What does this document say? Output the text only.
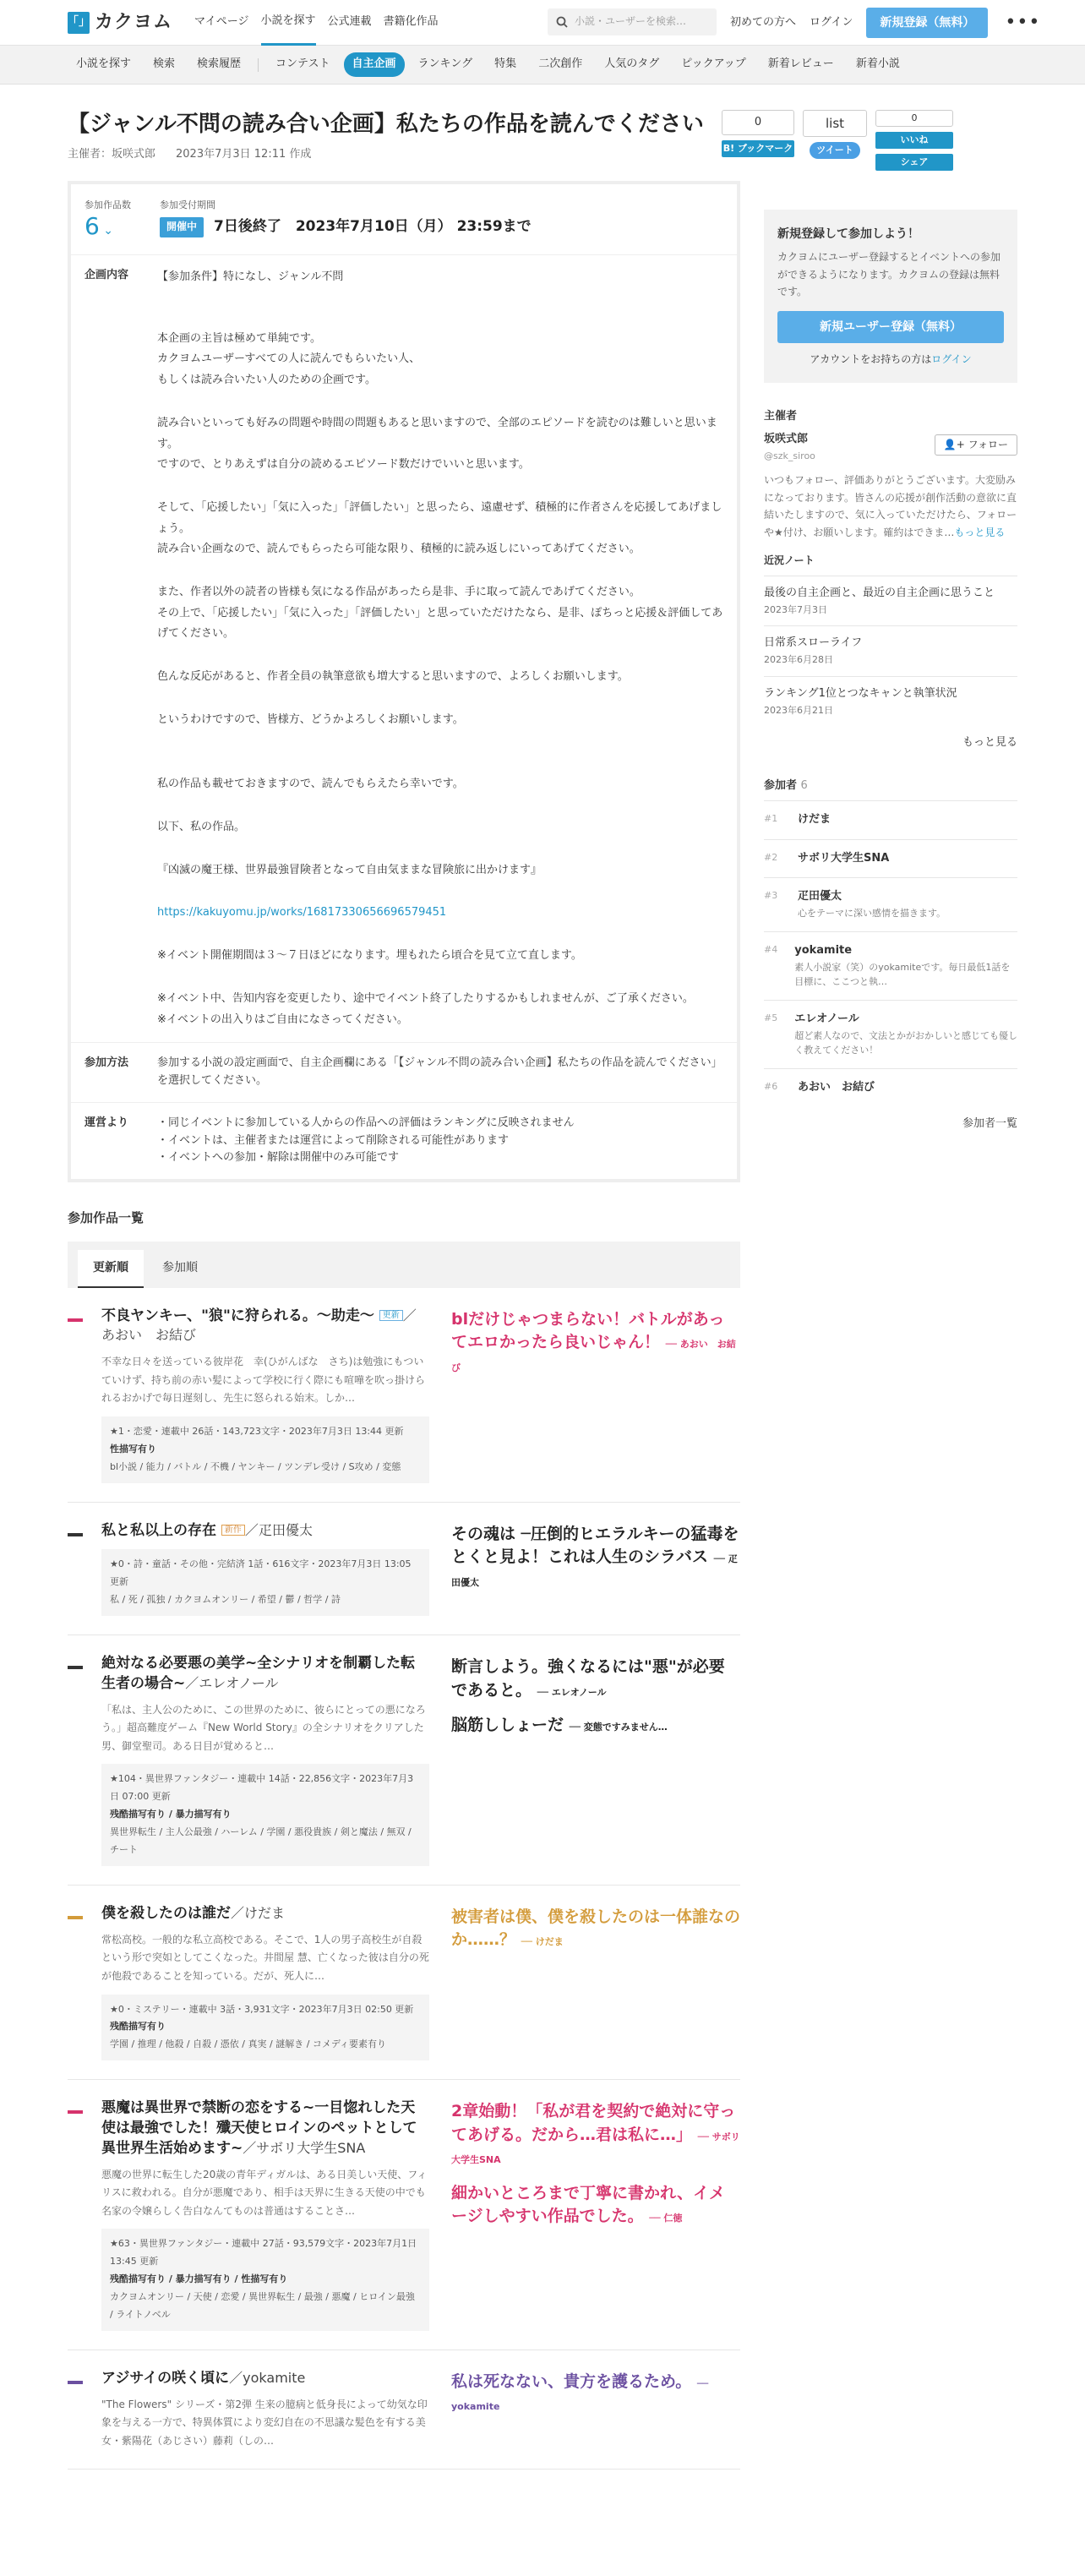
「」 カクヨム マイページ 小説を探す 公式連載 書籍化作品	小説・ユーザーを検索…	初めての方へ ログイン	新規登録（無料）	•••
小説を探す	検索	検索履歴	コンテスト	自主企画	ランキング	特集	二次創作	人気のタグ	ピックアップ	新着レビュー	新着小説
0
B! ブックマーク
list
ツイート
0
いいね
シェア
【ジャンル不問の読み合い企画】私たちの作品を読んでください
主催者：坂咲式郎 2023年7月3日 12:11 作成
参加作品数
6 ⌄
参加受付期間
開催中	7日後終了　2023年7月10日（月） 23:59まで
企画内容	【参加条件】特になし、ジャンル不問

本企画の主旨は極めて単純です。

カクヨムユーザーすべての人に読んでもらいたい人、

もしくは読み合いたい人のための企画です。

読み合いといっても好みの問題や時間の問題もあると思いますので、全部のエピソードを読むのは難しいと思います。

ですので、とりあえずは自分の読めるエピソード数だけでいいと思います。

そして、「応援したい」「気に入った」「評価したい」と思ったら、遠慮せず、積極的に作者さんを応援してあげましょう。

読み合い企画なので、読んでもらったら可能な限り、積極的に読み返しにいってあげてください。

また、作者以外の読者の皆様も気になる作品があったら是非、手に取って読んであげてください。

その上で、「応援したい」「気に入った」「評価したい」と思っていただけたなら、是非、ぽちっと応援＆評価してあげてください。

色んな反応があると、作者全員の執筆意欲も増大すると思いますので、よろしくお願いします。

というわけですので、皆様方、どうかよろしくお願いします。

私の作品も載せておきますので、読んでもらえたら幸いです。

以下、私の作品。

『凶滅の魔王様、世界最強冒険者となって自由気ままな冒険旅に出かけます』

https://kakuyomu.jp/works/16817330656696579451

※イベント開催期間は３～７日ほどになります。埋もれたら頃合を見て立て直します。

※イベント中、告知内容を変更したり、途中でイベント終了したりするかもしれませんが、ご了承ください。

※イベントの出入りはご自由になさってください。

参加方法	参加する小説の設定画面で、自主企画欄にある「【ジャンル不問の読み合い企画】私たちの作品を読んでください」を選択してください。
運営より
・	同じイベントに参加している人からの作品への評価はランキングに反映されません
・ イベントは、主催者または運営によって削除される可能性があります
・ イベントへの参加・解除は開催中のみ可能です
参加作品一覧
更新順	参加順
不良ヤンキー、"狼"に狩られる。～助走～ 更新 ／あおい　お結び
不幸な日々を送っている彼岸花　幸(ひがんばな　さち)は勉強にもついていけず、持ち前の赤い髪によって学校に行く際にも喧嘩を吹っ掛けられるおかげで毎日遅刻し、先生に怒られる始末。しか…
★1・恋愛・連載中 26話・143,723文字・2023年7月3日 13:44 更新
性描写有り
bl小説 / 能力 / バトル / 不機 / ヤンキー / ツンデレ受け / S攻め / 変態
blだけじゃつまらない！バトルがあってエロかったら良いじゃん！ ── あおい　お結び
私と私以上の存在 新作 ／疋田優太
★0・詩・童話・その他・完結済 1話・616文字・2023年7月3日 13:05 更新
私 / 死 / 孤独 / カクヨムオンリー / 希望 / 鬱 / 哲学 / 詩
その魂は ─圧倒的ヒエラルキーの猛毒をとくと見よ！これは人生のシラバス ── 疋田優太
絶対なる必要悪の美学~全シナリオを制覇した転生者の場合~／エレオノール
「私は、主人公のために、この世界のために、彼らにとっての悪になろう。」超高難度ゲーム『New World Story』の全シナリオをクリアした男、御堂聖司。ある日目が覚めると…
★104・異世界ファンタジー・連載中 14話・22,856文字・2023年7月3日 07:00 更新
残酷描写有り / 暴力描写有り
異世界転生 / 主人公最強 / ハーレム / 学園 / 悪役貴族 / 剣と魔法 / 無双 / チート
断言しよう。強くなるには"悪"が必要であると。 ── エレオノール
脳筋ししょーだ ── 変態ですみません…
僕を殺したのは誰だ／けだま
常松高校。一般的な私立高校である。そこで、1人の男子高校生が自殺という形で突如としてこくなった。井間屋 慧、亡くなった彼は自分の死が他殺であることを知っている。だが、死人に…
★0・ミステリー・連載中 3話・3,931文字・2023年7月3日 02:50 更新
残酷描写有り
学園 / 推理 / 他殺 / 自殺 / 憑依 / 真実 / 謎解き / コメディ要素有り
被害者は僕、僕を殺したのは一体誰なのか……？ ── けだま
悪魔は異世界で禁断の恋をする~一目惚れした天使は最強でした！殲天使ヒロインのペットとして異世界生活始めます~／サボリ大学生SNA
悪魔の世界に転生した20歳の青年ディガルは、ある日美しい天使、フィリスに救われる。自分が悪魔であり、相手は天界に生きる天使の中でも名家の令嬢らしく告白なんてものは普通はすることさ…
★63・異世界ファンタジー・連載中 27話・93,579文字・2023年7月1日 13:45 更新
残酷描写有り / 暴力描写有り / 性描写有り
カクヨムオンリー / 天使 / 恋愛 / 異世界転生 / 最強 / 悪魔 / ヒロイン最強 / ライトノベル
2章始動！「私が君を契約で絶対に守ってあげる。だから…君は私に…」 ── サボリ大学生SNA
細かいところまで丁寧に書かれ、イメージしやすい作品でした。 ── 仁徳
アジサイの咲く頃に／yokamite
"The Flowers" シリーズ・第2弾 生来の臆病と低身長によって幼気な印象を与える一方で、特異体質により変幻自在の不思議な髪色を有する美女・紫陽花（あじさい）藤莉（しの…
私は死なない、貴方を護るため。 ── yokamite
新規登録して参加しよう！
カクヨムにユーザー登録するとイベントへの参加ができるようになります。カクヨムの登録は無料です。
新規ユーザー登録（無料）
アカウントをお持ちの方はログイン
主催者
坂咲式郎
@szk_siroo
👤+ フォロー
いつもフォロー、評価ありがとうございます。大変励みになっております。皆さんの応援が創作活動の意欲に直結いたしますので、気に入っていただけたら、フォローや★付け、お願いします。確約はできま…もっと見る
近況ノート
最後の自主企画と、最近の自主企画に思うこと
2023年7月3日
日常系スローライフ
2023年6月28日
ランキング1位とつなキャンと執筆状況
2023年6月21日
もっと見る
参加者 6
#1 けだま
#2 サボリ大学生SNA
#3 疋田優太
心をテーマに深い感情を描きます。
#4 yokamite
素人小説家（笑）のyokamiteです。毎日最低1話を目標に、ここつと執…
#5 エレオノール
超ど素人なので、文法とかがおかしいと感じても優しく教えてください！
#6 あおい　お結び
参加者一覧
